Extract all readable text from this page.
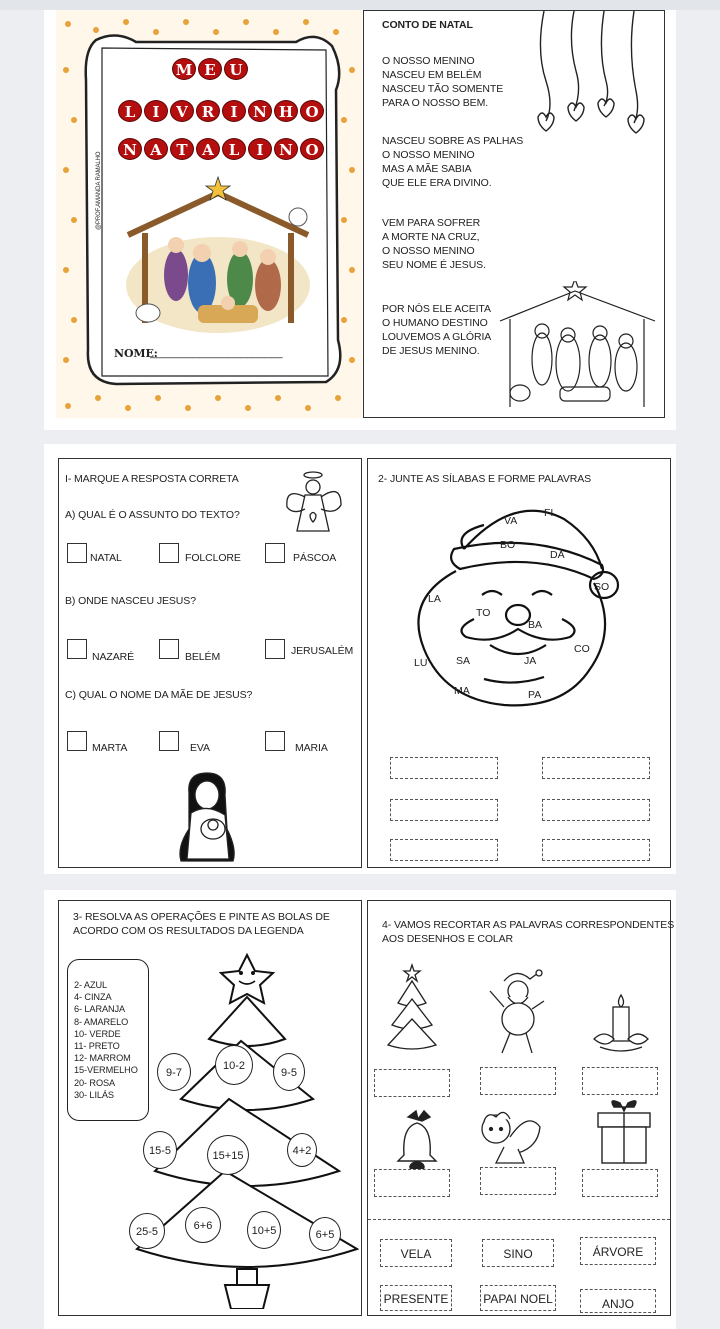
M E U
L	I	V R	I	N H O
N A T A L	I	N O
@PROF.AMANDA RAMALHO
NOME:
______________________
CONTO DE NATAL
O NOSSO MENINO
NASCEU EM BELÉM
NASCEU TÃO SOMENTE
PARA O NOSSO BEM.
NASCEU SOBRE AS PALHAS
O NOSSO MENINO
MAS A MÃE SABIA
QUE ELE ERA DIVINO.
VEM PARA SOFRER
A MORTE NA CRUZ,
O NOSSO MENINO
SEU NOME É JESUS.
POR NÓS ELE ACEITA
O HUMANO DESTINO
LOUVEMOS A GLÓRIA
DE JESUS MENINO.
I- MARQUE A RESPOSTA CORRETA
A) QUAL É O ASSUNTO DO TEXTO?
NATAL	FOLCLORE	PÁSCOA
B) ONDE NASCEU JESUS?
NAZARÉ	BELÉM	JERUSALÉM
C) QUAL O NOME DA MÃE DE JESUS?
MARTA	EVA	MARIA
2- JUNTE AS SÍLABAS E FORME PALAVRAS
FI
VA
BO
DA
SO
LA
TO
BA
CO
LU	SA	JA
MA	PA
3- RESOLVA AS OPERAÇÕES E PINTE AS BOLAS DE
ACORDO COM OS RESULTADOS DA LEGENDA
2- AZUL
4- CINZA
6- LARANJA
8- AMARELO
10- VERDE
11- PRETO
12- MARROM
15-VERMELHO
20- ROSA
30- LILÁS
9-7
10-2
9-5
15-5	15+15	4+2
25-5	6+6	10+5	6+5
4- VAMOS RECORTAR AS PALAVRAS CORRESPONDENTES
AOS DESENHOS E COLAR
VELA	SINO	ÁRVORE
PRESENTE	PAPAI NOEL	ANJO
